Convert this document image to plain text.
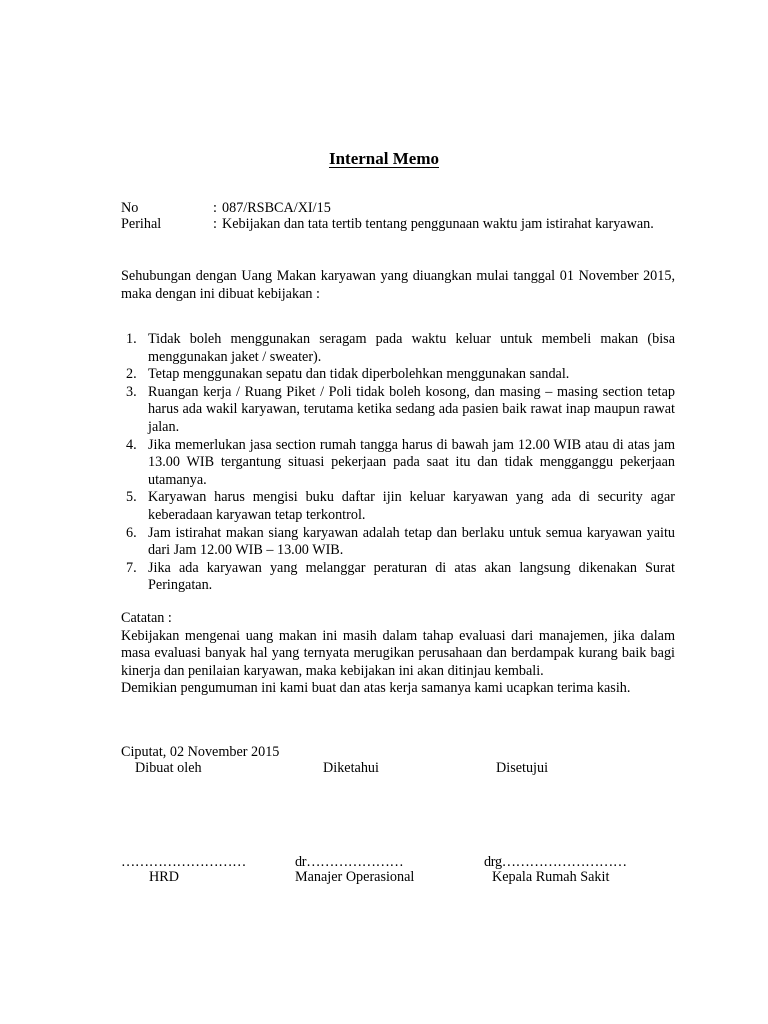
Internal Memo
No	: 087/RSBCA/XI/15
Perihal	: Kebijakan dan tata tertib tentang penggunaan waktu jam istirahat karyawan.
Sehubungan dengan Uang Makan karyawan yang diuangkan mulai tanggal 01 November 2015,
maka dengan ini dibuat kebijakan :
1. Tidak boleh menggunakan seragam pada waktu keluar untuk membeli makan (bisa
menggunakan jaket / sweater).
2. Tetap menggunakan sepatu dan tidak diperbolehkan menggunakan sandal.
3. Ruangan kerja / Ruang Piket / Poli tidak boleh kosong, dan masing – masing section tetap
harus ada wakil karyawan, terutama ketika sedang ada pasien baik rawat inap maupun rawat
jalan.
4. Jika memerlukan jasa section rumah tangga harus di bawah jam 12.00 WIB atau di atas jam
13.00 WIB tergantung situasi pekerjaan pada saat itu dan tidak mengganggu pekerjaan
utamanya.
5. Karyawan harus mengisi buku daftar ijin keluar karyawan yang ada di security agar
keberadaan karyawan tetap terkontrol.
6. Jam istirahat makan siang karyawan adalah tetap dan berlaku untuk semua karyawan yaitu
dari Jam 12.00 WIB – 13.00 WIB.
7. Jika ada karyawan yang melanggar peraturan di atas akan langsung dikenakan Surat
Peringatan.
Catatan :
Kebijakan mengenai uang makan ini masih dalam tahap evaluasi dari manajemen, jika dalam
masa evaluasi banyak hal yang ternyata merugikan perusahaan dan berdampak kurang baik bagi
kinerja dan penilaian karyawan, maka kebijakan ini akan ditinjau kembali.
Demikian pengumuman ini kami buat dan atas kerja samanya kami ucapkan terima kasih.
Ciputat, 02 November 2015
Dibuat oleh	Diketahui	Disetujui
………………………	dr…………………	drg………………………
HRD	Manajer Operasional	Kepala Rumah Sakit
